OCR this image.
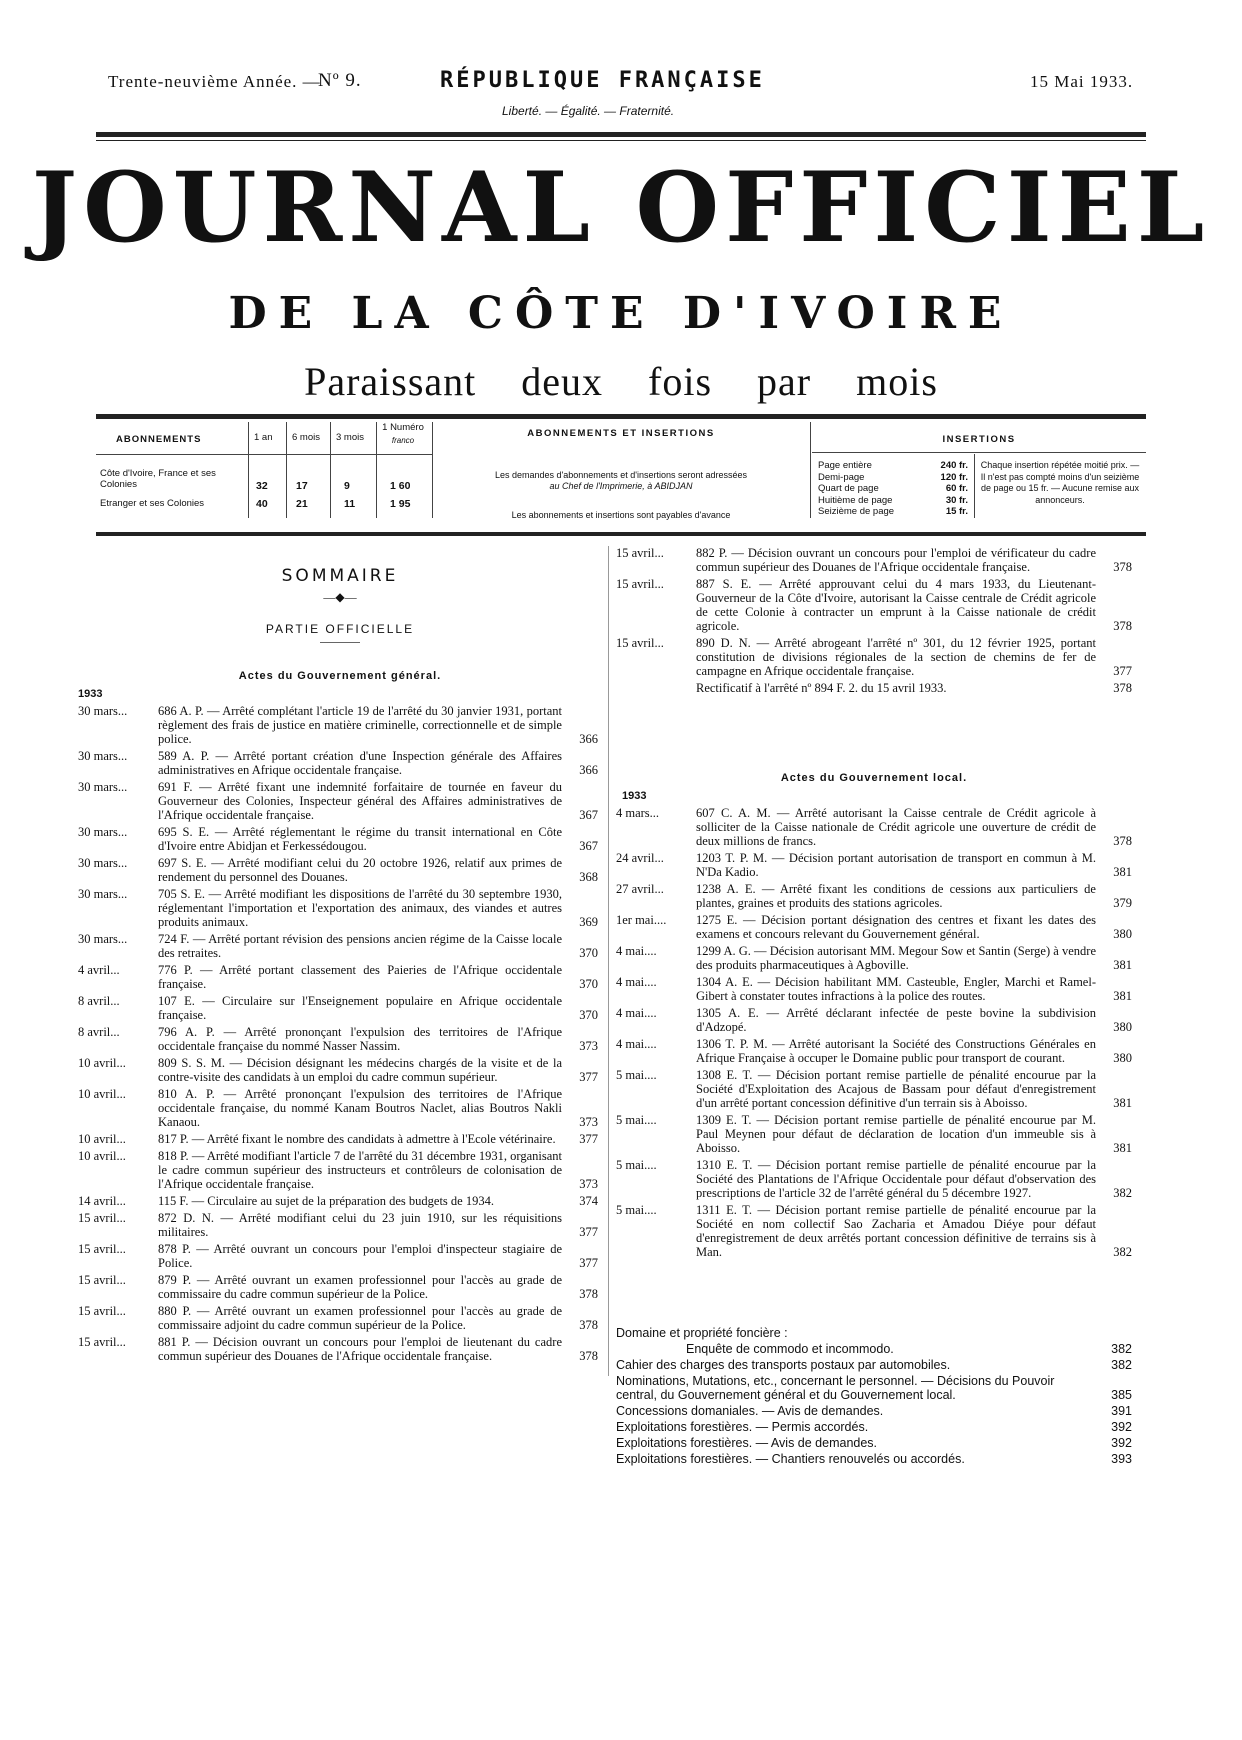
Trente-neuvième Année. —
Nº 9.	RÉPUBLIQUE FRANÇAISE	15 Mai 1933.
Liberté. — Égalité. — Fraternité.
JOURNAL OFFICIEL
DE LA CÔTE D'IVOIRE
Paraissant deux fois par mois
ABONNEMENTS	1 an 6 mois 3 mois
1 Numéro
franco
Côte d'Ivoire, France et ses Colonies	32	17	9	1 60
Etranger et ses Colonies	40	21	11	1 95
ABONNEMENTS ET INSERTIONS
Les demandes d'abonnements et d'insertions seront adressées
au Chef de l'Imprimerie, à ABIDJAN
Les abonnements et insertions sont payables d'avance
INSERTIONS
Page entière	240 fr.
Demi-page	120 fr.
Quart de page	60 fr.
Huitième de page	30 fr.
Seizième de page	15 fr.
Chaque insertion répétée moitié prix. — Il n'est pas compté moins d'un seizième de page ou 15 fr. — Aucune remise aux annonceurs.
SOMMAIRE
—◆—
PARTIE OFFICIELLE
Actes du Gouvernement général.
1933
30 mars...	686 A. P. — Arrêté complétant l'article 19 de l'arrêté du 30 janvier 1931, portant règlement des frais de justice en matière criminelle, correctionnelle et de simple police.	366
30 mars...	589 A. P. — Arrêté portant création d'une Inspection générale des Affaires administratives en Afrique occidentale française.	366
30 mars...	691 F. — Arrêté fixant une indemnité forfaitaire de tournée en faveur du Gouverneur des Colonies, Inspecteur général des Affaires administratives de l'Afrique occidentale française.	367
30 mars...	695 S. E. — Arrêté réglementant le régime du transit international en Côte d'Ivoire entre Abidjan et Ferkessédougou.	367
30 mars...	697 S. E. — Arrêté modifiant celui du 20 octobre 1926, relatif aux primes de rendement du personnel des Douanes.	368
30 mars...	705 S. E. — Arrêté modifiant les dispositions de l'arrêté du 30 septembre 1930, réglementant l'importation et l'exportation des animaux, des viandes et autres produits animaux.	369
30 mars...	724 F. — Arrêté portant révision des pensions ancien régime de la Caisse locale des retraites.	370
4 avril...	776 P. — Arrêté portant classement des Paieries de l'Afrique occidentale française.	370
8 avril...	107 E. — Circulaire sur l'Enseignement populaire en Afrique occidentale française.	370
8 avril...	796 A. P. — Arrêté prononçant l'expulsion des territoires de l'Afrique occidentale française du nommé Nasser Nassim.	373
10 avril...	809 S. S. M. — Décision désignant les médecins chargés de la visite et de la contre-visite des candidats à un emploi du cadre commun supérieur.	377
10 avril...	810 A. P. — Arrêté prononçant l'expulsion des territoires de l'Afrique occidentale française, du nommé Kanam Boutros Naclet, alias Boutros Nakli Kanaou.	373
10 avril...	817 P. — Arrêté fixant le nombre des candidats à admettre à l'Ecole vétérinaire.	377
10 avril...	818 P. — Arrêté modifiant l'article 7 de l'arrêté du 31 décembre 1931, organisant le cadre commun supérieur des instructeurs et contrôleurs de colonisation de l'Afrique occidentale française.	373
14 avril...	115 F. — Circulaire au sujet de la préparation des budgets de 1934.	374
15 avril...	872 D. N. — Arrêté modifiant celui du 23 juin 1910, sur les réquisitions militaires.	377
15 avril...	878 P. — Arrêté ouvrant un concours pour l'emploi d'inspecteur stagiaire de Police.	377
15 avril...	879 P. — Arrêté ouvrant un examen professionnel pour l'accès au grade de commissaire du cadre commun supérieur de la Police.	378
15 avril...	880 P. — Arrêté ouvrant un examen professionnel pour l'accès au grade de commissaire adjoint du cadre commun supérieur de la Police.	378
15 avril...	881 P. — Décision ouvrant un concours pour l'emploi de lieutenant du cadre commun supérieur des Douanes de l'Afrique occidentale française.	378
15 avril...	882 P. — Décision ouvrant un concours pour l'emploi de vérificateur du cadre commun supérieur des Douanes de l'Afrique occidentale française.	378
15 avril...	887 S. E. — Arrêté approuvant celui du 4 mars 1933, du Lieutenant-Gouverneur de la Côte d'Ivoire, autorisant la Caisse centrale de Crédit agricole de cette Colonie à contracter un emprunt à la Caisse nationale de crédit agricole.	378
15 avril...	890 D. N. — Arrêté abrogeant l'arrêté nº 301, du 12 février 1925, portant constitution de divisions régionales de la section de chemins de fer de campagne en Afrique occidentale française.	377
Rectificatif à l'arrêté nº 894 F. 2. du 15 avril 1933.	378
Actes du Gouvernement local.
1933
4 mars...	607 C. A. M. — Arrêté autorisant la Caisse centrale de Crédit agricole à solliciter de la Caisse nationale de Crédit agricole une ouverture de crédit de deux millions de francs.	378
24 avril...	1203 T. P. M. — Décision portant autorisation de transport en commun à M. N'Da Kadio.	381
27 avril...	1238 A. E. — Arrêté fixant les conditions de cessions aux particuliers de plantes, graines et produits des stations agricoles.	379
1er mai....	1275 E. — Décision portant désignation des centres et fixant les dates des examens et concours relevant du Gouvernement général.	380
4 mai....	1299 A. G. — Décision autorisant MM. Megour Sow et Santin (Serge) à vendre des produits pharmaceutiques à Agboville.	381
4 mai....	1304 A. E. — Décision habilitant MM. Casteuble, Engler, Marchi et Ramel-Gibert à constater toutes infractions à la police des routes.	381
4 mai....	1305 A. E. — Arrêté déclarant infectée de peste bovine la subdivision d'Adzopé.	380
4 mai....	1306 T. P. M. — Arrêté autorisant la Société des Constructions Générales en Afrique Française à occuper le Domaine public pour transport de courant.	380
5 mai....	1308 E. T. — Décision portant remise partielle de pénalité encourue par la Société d'Exploitation des Acajous de Bassam pour défaut d'enregistrement d'un arrêté portant concession définitive d'un terrain sis à Aboisso.	381
5 mai....	1309 E. T. — Décision portant remise partielle de pénalité encourue par M. Paul Meynen pour défaut de déclaration de location d'un immeuble sis à Aboisso.	381
5 mai....	1310 E. T. — Décision portant remise partielle de pénalité encourue par la Société des Plantations de l'Afrique Occidentale pour défaut d'observation des prescriptions de l'article 32 de l'arrêté général du 5 décembre 1927.	382
5 mai....	1311 E. T. — Décision portant remise partielle de pénalité encourue par la Société en nom collectif Sao Zacharia et Amadou Diéye pour défaut d'enregistrement de deux arrêtés portant concession définitive de terrains sis à Man.	382
Domaine et propriété foncière :
Enquête de commodo et incommodo.	382
Cahier des charges des transports postaux par automobiles.	382
Nominations, Mutations, etc., concernant le personnel. — Décisions du Pouvoir central, du Gouvernement général et du Gouvernement local.	385
Concessions domaniales. — Avis de demandes.	391
Exploitations forestières. — Permis accordés.	392
Exploitations forestières. — Avis de demandes.	392
Exploitations forestières. — Chantiers renouvelés ou accordés.	393
